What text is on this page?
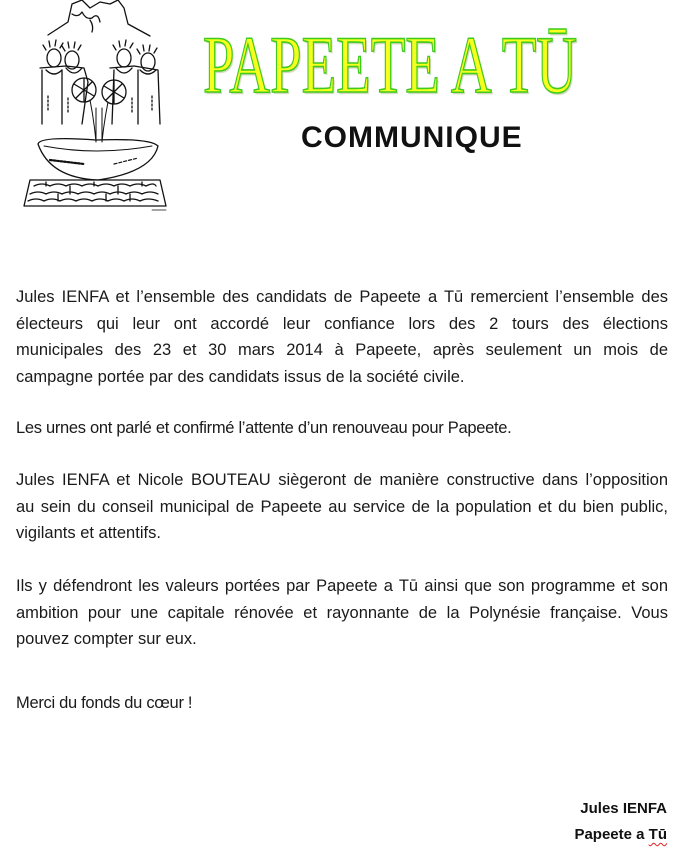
PAPEETE A TŪ
COMMUNIQUE
Jules IENFA et l’ensemble des candidats de Papeete a Tū remercient l’ensemble des
électeurs qui leur ont accordé leur confiance lors des 2 tours des élections
municipales des 23 et 30 mars 2014 à Papeete, après seulement un mois de
campagne portée par des candidats issus de la société civile.
Les urnes ont parlé et confirmé l’attente d’un renouveau pour Papeete.
Jules IENFA et Nicole BOUTEAU siègeront de manière constructive dans l’opposition
au sein du conseil municipal de Papeete au service de la population et du bien public,
vigilants et attentifs.
Ils y défendront les valeurs portées par Papeete a Tū ainsi que son programme et son
ambition pour une capitale rénovée et rayonnante de la Polynésie française. Vous
pouvez compter sur eux.
Merci du fonds du cœur !
Jules IENFA
Papeete a Tū
